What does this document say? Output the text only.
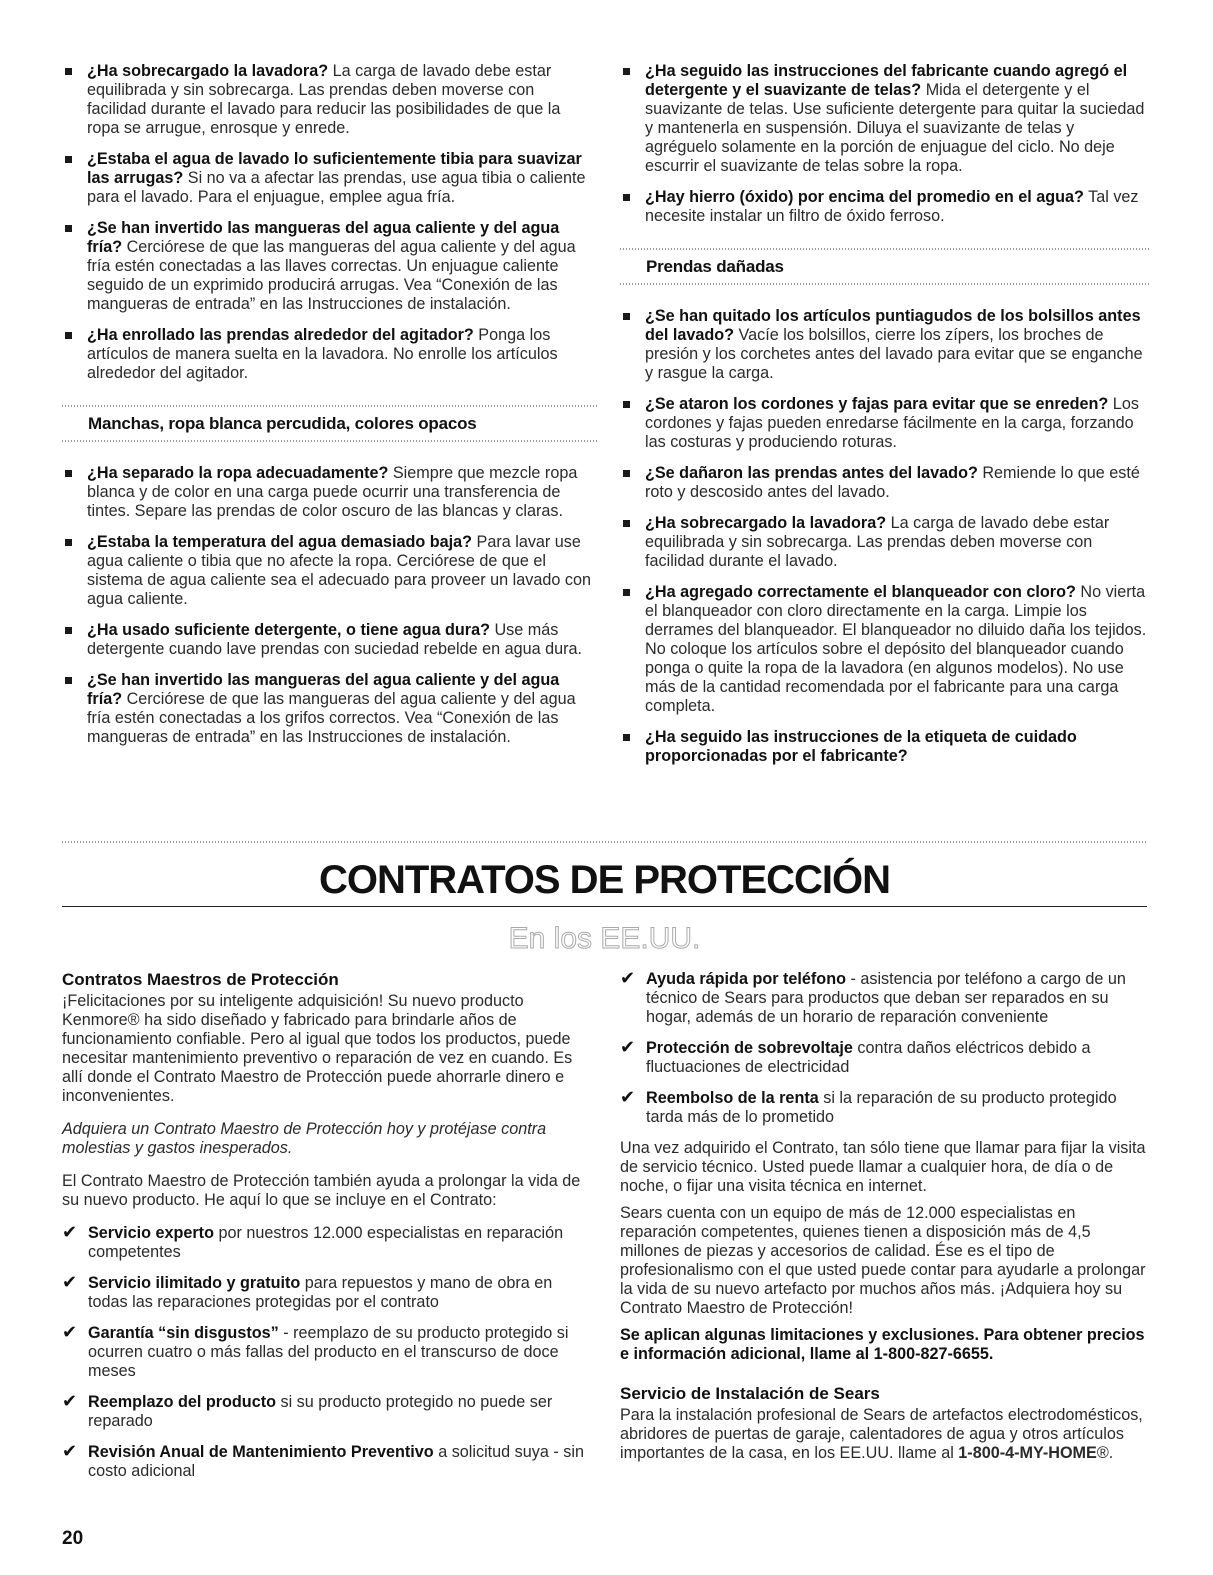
¿Ha sobrecargado la lavadora? La carga de lavado debe estar equilibrada y sin sobrecarga. Las prendas deben moverse con facilidad durante el lavado para reducir las posibilidades de que la ropa se arrugue, enrosque y enrede.
¿Estaba el agua de lavado lo suficientemente tibia para suavizar las arrugas? Si no va a afectar las prendas, use agua tibia o caliente para el lavado. Para el enjuague, emplee agua fría.
¿Se han invertido las mangueras del agua caliente y del agua fría? Cerciórese de que las mangueras del agua caliente y del agua fría estén conectadas a las llaves correctas. Un enjuague caliente seguido de un exprimido producirá arrugas. Vea “Conexión de las mangueras de entrada” en las Instrucciones de instalación.
¿Ha enrollado las prendas alrededor del agitador? Ponga los artículos de manera suelta en la lavadora. No enrolle los artículos alrededor del agitador.
Manchas, ropa blanca percudida, colores opacos
¿Ha separado la ropa adecuadamente? Siempre que mezcle ropa blanca y de color en una carga puede ocurrir una transferencia de tintes. Separe las prendas de color oscuro de las blancas y claras.
¿Estaba la temperatura del agua demasiado baja? Para lavar use agua caliente o tibia que no afecte la ropa. Cerciórese de que el sistema de agua caliente sea el adecuado para proveer un lavado con agua caliente.
¿Ha usado suficiente detergente, o tiene agua dura? Use más detergente cuando lave prendas con suciedad rebelde en agua dura.
¿Se han invertido las mangueras del agua caliente y del agua fría? Cerciórese de que las mangueras del agua caliente y del agua fría estén conectadas a los grifos correctos. Vea “Conexión de las mangueras de entrada” en las Instrucciones de instalación.
¿Ha seguido las instrucciones del fabricante cuando agregó el detergente y el suavizante de telas? Mida el detergente y el suavizante de telas. Use suficiente detergente para quitar la suciedad y mantenerla en suspensión. Diluya el suavizante de telas y agréguelo solamente en la porción de enjuague del ciclo. No deje escurrir el suavizante de telas sobre la ropa.
¿Hay hierro (óxido) por encima del promedio en el agua? Tal vez necesite instalar un filtro de óxido ferroso.
Prendas dañadas
¿Se han quitado los artículos puntiagudos de los bolsillos antes del lavado? Vacíe los bolsillos, cierre los zípers, los broches de presión y los corchetes antes del lavado para evitar que se enganche y rasgue la carga.
¿Se ataron los cordones y fajas para evitar que se enreden? Los cordones y fajas pueden enredarse fácilmente en la carga, forzando las costuras y produciendo roturas.
¿Se dañaron las prendas antes del lavado? Remiende lo que esté roto y descosido antes del lavado.
¿Ha sobrecargado la lavadora? La carga de lavado debe estar equilibrada y sin sobrecarga. Las prendas deben moverse con facilidad durante el lavado.
¿Ha agregado correctamente el blanqueador con cloro? No vierta el blanqueador con cloro directamente en la carga. Limpie los derrames del blanqueador. El blanqueador no diluido daña los tejidos. No coloque los artículos sobre el depósito del blanqueador cuando ponga o quite la ropa de la lavadora (en algunos modelos). No use más de la cantidad recomendada por el fabricante para una carga completa.
¿Ha seguido las instrucciones de la etiqueta de cuidado proporcionadas por el fabricante?
CONTRATOS DE PROTECCIÓN
En los EE.UU.
Contratos Maestros de Protección
¡Felicitaciones por su inteligente adquisición! Su nuevo producto Kenmore® ha sido diseñado y fabricado para brindarle años de funcionamiento confiable. Pero al igual que todos los productos, puede necesitar mantenimiento preventivo o reparación de vez en cuando. Es allí donde el Contrato Maestro de Protección puede ahorrarle dinero e inconvenientes.
Adquiera un Contrato Maestro de Protección hoy y protéjase contra molestias y gastos inesperados.
El Contrato Maestro de Protección también ayuda a prolongar la vida de su nuevo producto. He aquí lo que se incluye en el Contrato:
✔ Servicio experto por nuestros 12.000 especialistas en reparación competentes
✔ Servicio ilimitado y gratuito para repuestos y mano de obra en todas las reparaciones protegidas por el contrato
✔ Garantía “sin disgustos” - reemplazo de su producto protegido si ocurren cuatro o más fallas del producto en el transcurso de doce meses
✔ Reemplazo del producto si su producto protegido no puede ser reparado
✔ Revisión Anual de Mantenimiento Preventivo a solicitud suya - sin costo adicional
✔ Ayuda rápida por teléfono - asistencia por teléfono a cargo de un técnico de Sears para productos que deban ser reparados en su hogar, además de un horario de reparación conveniente
✔ Protección de sobrevoltaje contra daños eléctricos debido a fluctuaciones de electricidad
✔ Reembolso de la renta si la reparación de su producto protegido tarda más de lo prometido
Una vez adquirido el Contrato, tan sólo tiene que llamar para fijar la visita de servicio técnico. Usted puede llamar a cualquier hora, de día o de noche, o fijar una visita técnica en internet.
Sears cuenta con un equipo de más de 12.000 especialistas en reparación competentes, quienes tienen a disposición más de 4,5 millones de piezas y accesorios de calidad. Ése es el tipo de profesionalismo con el que usted puede contar para ayudarle a prolongar la vida de su nuevo artefacto por muchos años más. ¡Adquiera hoy su Contrato Maestro de Protección!
Se aplican algunas limitaciones y exclusiones. Para obtener precios e información adicional, llame al 1-800-827-6655.
Servicio de Instalación de Sears
Para la instalación profesional de Sears de artefactos electrodomésticos, abridores de puertas de garaje, calentadores de agua y otros artículos importantes de la casa, en los EE.UU. llame al 1-800-4-MY-HOME®.
20
